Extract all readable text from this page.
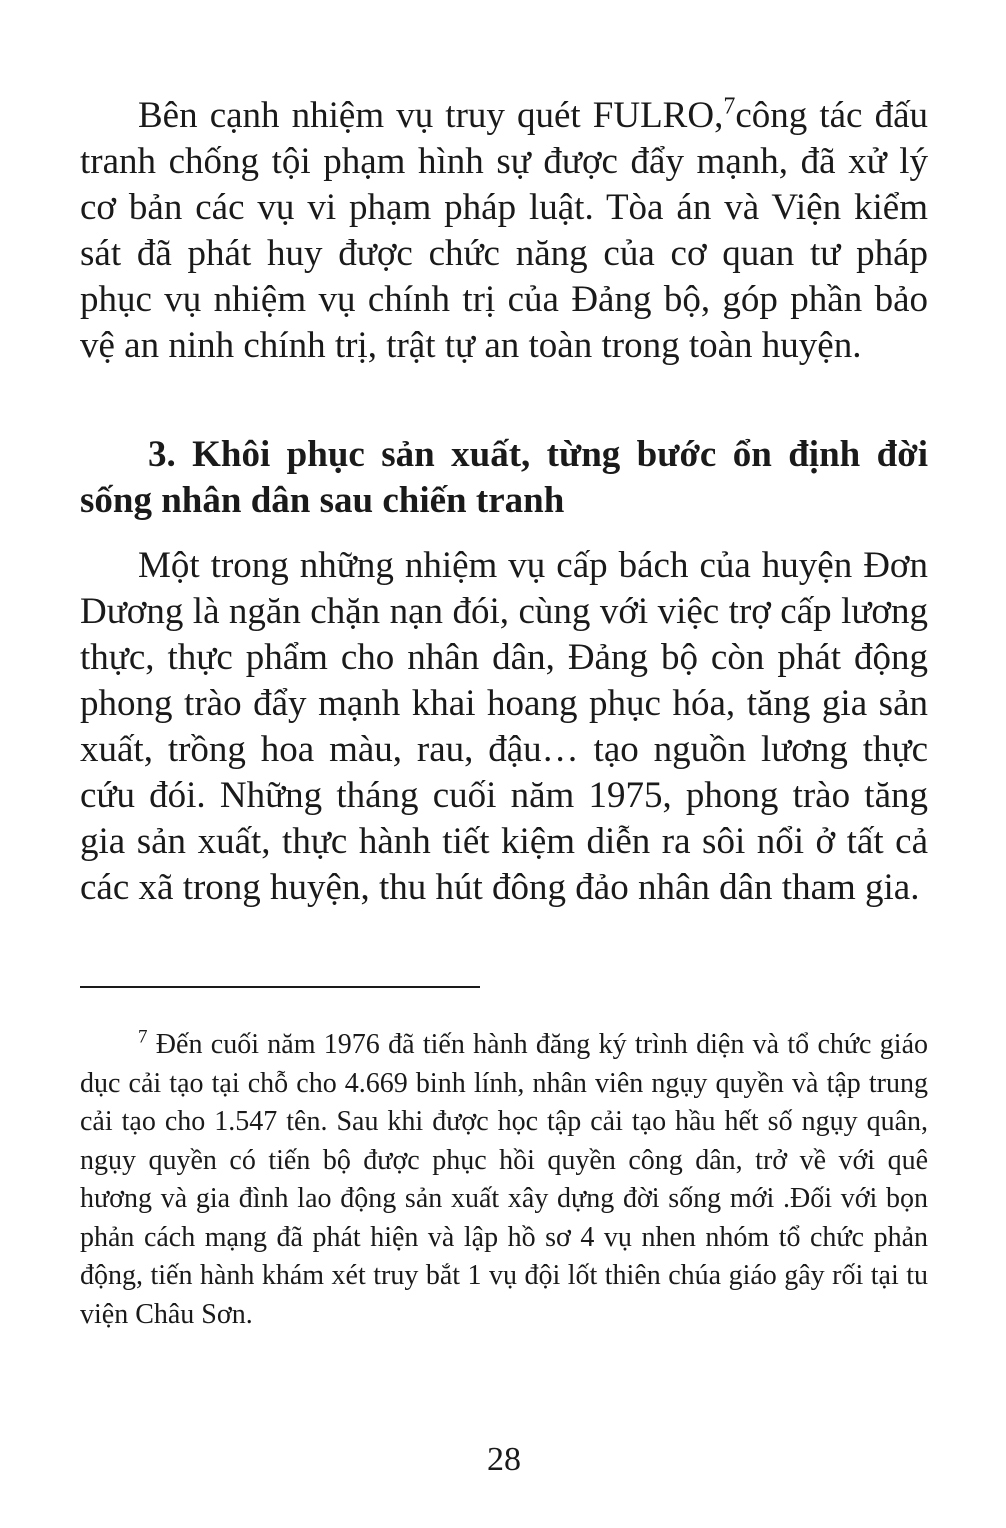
Bên cạnh nhiệm vụ truy quét FULRO,$^7$công tác đấu tranh chống tội phạm hình sự được đẩy mạnh, đã xử lý cơ bản các vụ vi phạm pháp luật. Tòa án và Viện kiểm sát đã phát huy được chức năng của cơ quan tư pháp phục vụ nhiệm vụ chính trị của Đảng bộ, góp phần bảo vệ an ninh chính trị, trật tự an toàn trong toàn huyện.

3. Khôi phục sản xuất, từng bước ổn định đời sống nhân dân sau chiến tranh

Một trong những nhiệm vụ cấp bách của huyện Đơn Dương là ngăn chặn nạn đói, cùng với việc trợ cấp lương thực, thực phẩm cho nhân dân, Đảng bộ còn phát động phong trào đẩy mạnh khai hoang phục hóa, tăng gia sản xuất, trồng hoa màu, rau, đậu… tạo nguồn lương thực cứu đói. Những tháng cuối năm 1975, phong trào tăng gia sản xuất, thực hành tiết kiệm diễn ra sôi nổi ở tất cả các xã trong huyện, thu hút đông đảo nhân dân tham gia.

$^7$ Đến cuối năm 1976 đã tiến hành đăng ký trình diện và tổ chức giáo dục cải tạo tại chỗ cho 4.669 binh lính, nhân viên ngụy quyền và tập trung cải tạo cho 1.547 tên. Sau khi được học tập cải tạo hầu hết số ngụy quân, ngụy quyền có tiến bộ được phục hồi quyền công dân, trở về với quê hương và gia đình lao động sản xuất xây dựng đời sống mới .Đối với bọn phản cách mạng đã phát hiện và lập hồ sơ 4 vụ nhen nhóm tổ chức phản động, tiến hành khám xét truy bắt 1 vụ đội lốt thiên chúa giáo gây rối tại tu viện Châu Sơn.

28
